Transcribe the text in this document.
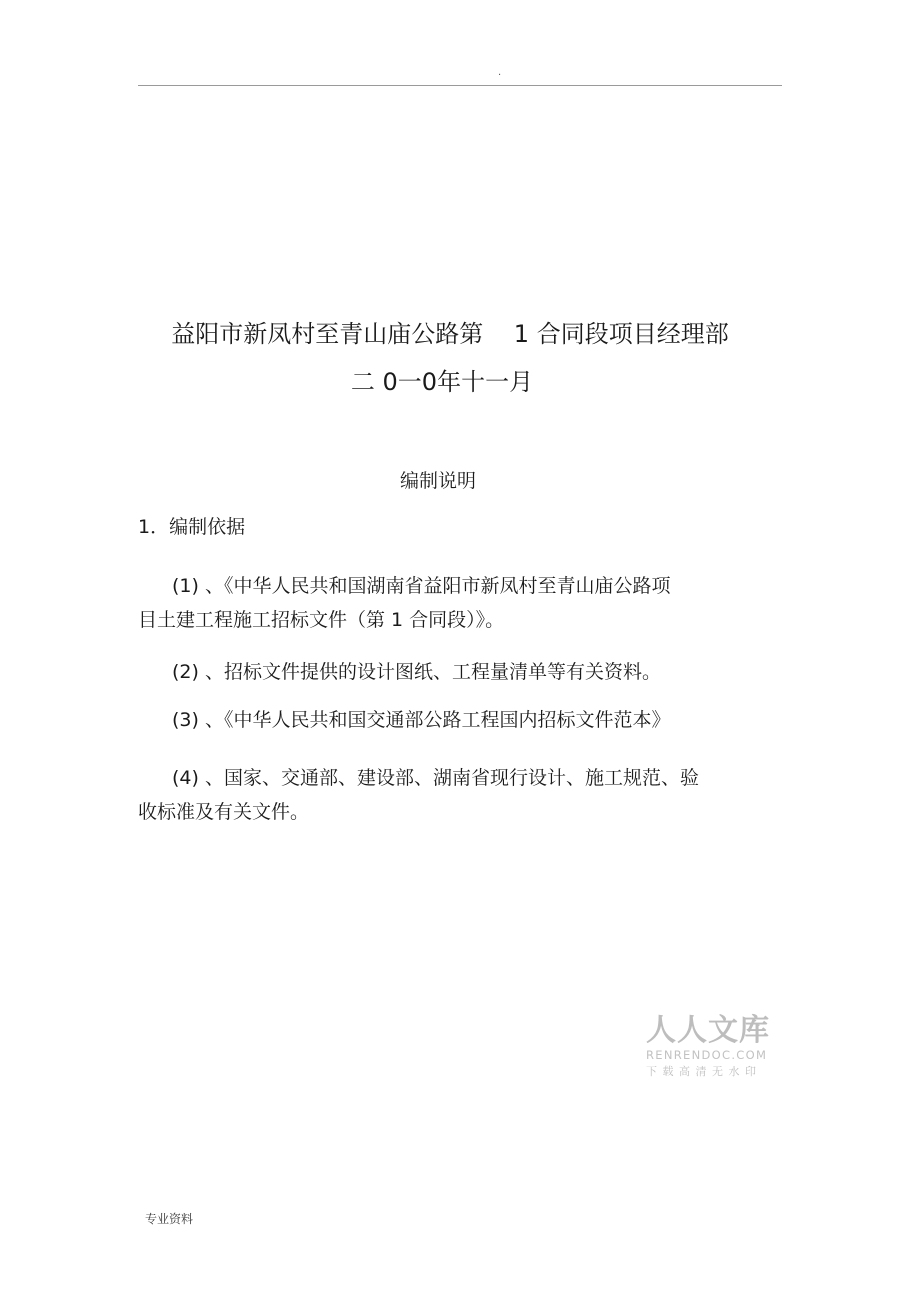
.
益阳市新凤村至青山庙公路第    1 合同段项目经理部
二 0一0年十一月
编制说明
1．编制依据
(1) 、《中华人民共和国湖南省益阳市新凤村至青山庙公路项
目土建工程施工招标文件（第 1 合同段）》。
(2) 、招标文件提供的设计图纸、工程量清单等有关资料。
(3) 、《中华人民共和国交通部公路工程国内招标文件范本》
(4) 、国家、交通部、建设部、湖南省现行设计、施工规范、验
收标准及有关文件。
人人文库
RENRENDOC.COM
下载高清无水印
专业资料
